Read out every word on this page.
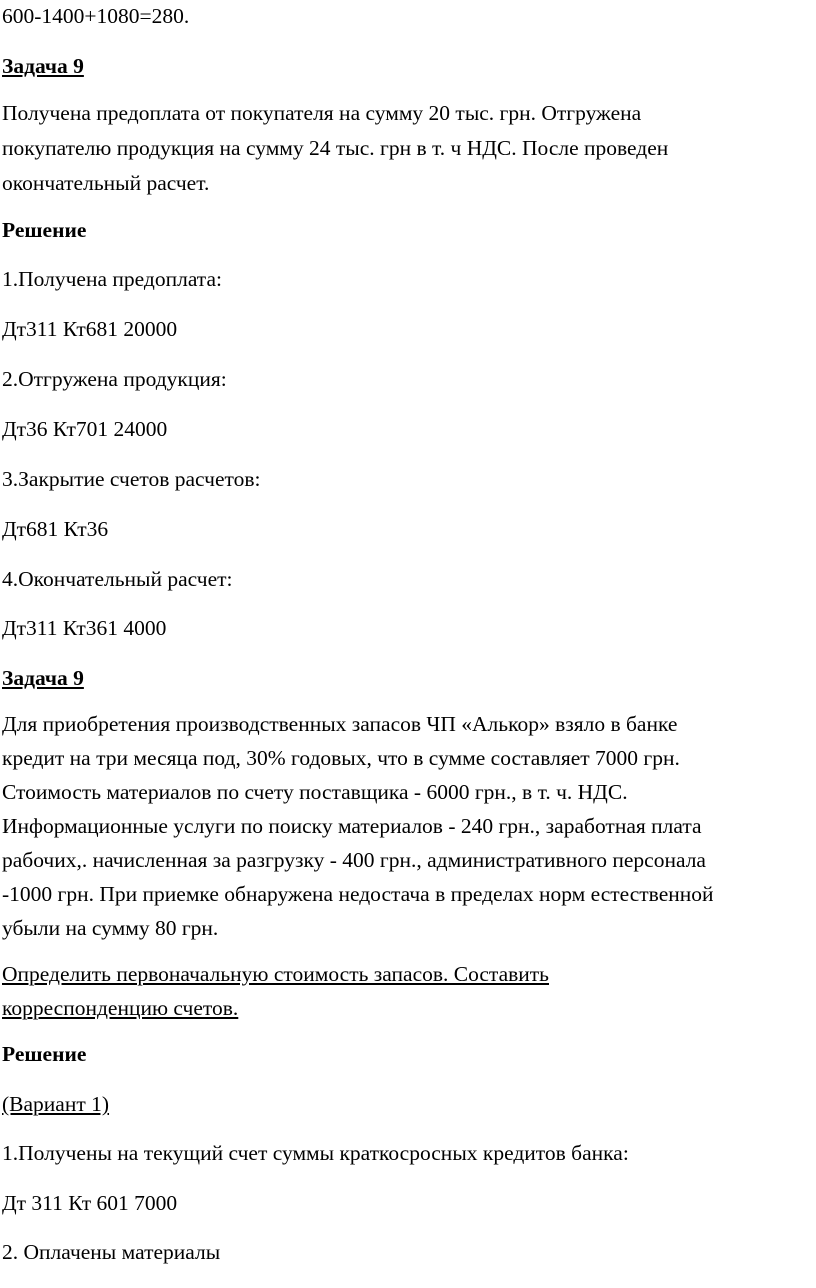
600-1400+1080=280.
Задача 9
Получена предоплата от покупателя на сумму 20 тыс. грн. Отгружена
покупателю продукция на сумму 24 тыс. грн в т. ч НДС. После проведен
окончательный расчет.
Решение
1.Получена предоплата:
Дт311 Кт681 20000
2.Отгружена продукция:
Дт36 Кт701 24000
3.Закрытие счетов расчетов:
Дт681 Кт36
4.Окончательный расчет:
Дт311 Кт361 4000
Задача 9
Для приобретения производственных запасов ЧП «Алькор» взяло в банке
кредит на три месяца под, 30% годовых, что в сумме составляет 7000 грн.
Стоимость материалов по счету поставщика - 6000 грн., в т. ч. НДС.
Информационные услуги по поиску материалов - 240 грн., заработная плата
рабочих,. начисленная за разгрузку - 400 грн., административного персонала
-1000 грн. При приемке обнаружена недостача в пределах норм естественной
убыли на сумму 80 грн.
Определить первоначальную стоимость запасов. Составить
корреспонденцию счетов.
Решение
(Вариант 1)
1.Получены на текущий счет суммы краткосросных кредитов банка:
Дт 311 Кт 601 7000
2. Оплачены материалы
